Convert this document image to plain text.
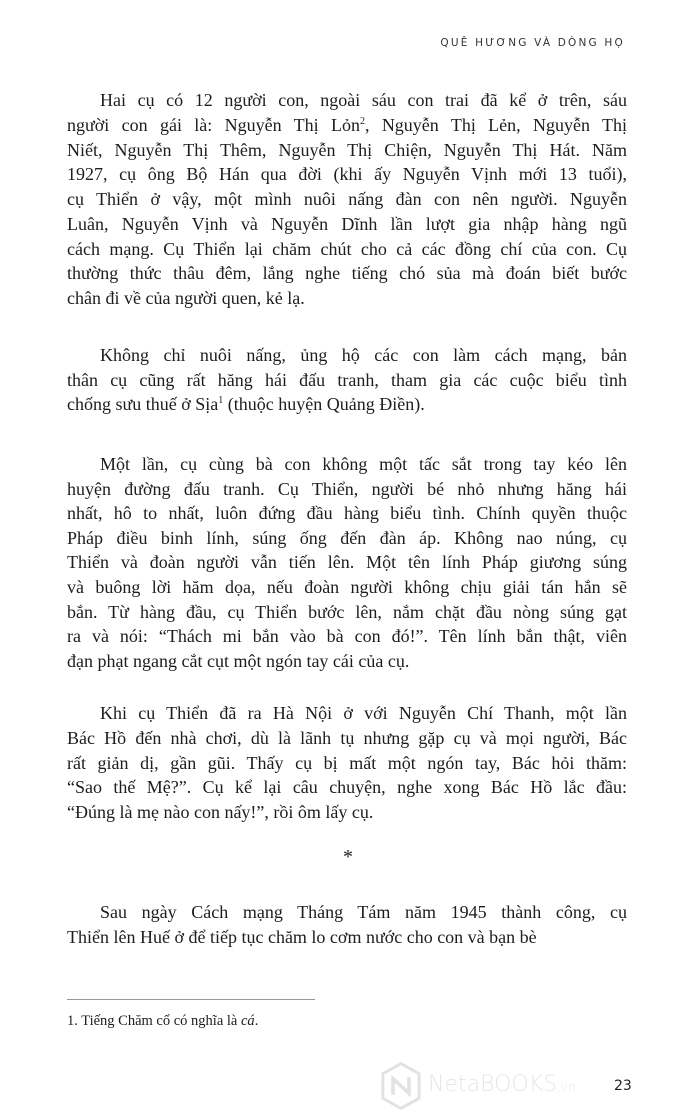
QUÊ HƯƠNG VÀ DÒNG HỌ
Hai cụ có 12 người con, ngoài sáu con trai đã kể ở trên, sáu
người con gái là: Nguyễn Thị Lỏn$^2$, Nguyễn Thị Lẻn, Nguyễn Thị
Niết, Nguyễn Thị Thêm, Nguyễn Thị Chiện, Nguyễn Thị Hát. Năm
1927, cụ ông Bộ Hán qua đời (khi ấy Nguyễn Vịnh mới 13 tuổi),
cụ Thiển ở vậy, một mình nuôi nấng đàn con nên người. Nguyễn
Luân, Nguyễn Vịnh và Nguyễn Dĩnh lần lượt gia nhập hàng ngũ
cách mạng. Cụ Thiển lại chăm chút cho cả các đồng chí của con. Cụ
thường thức thâu đêm, lắng nghe tiếng chó sủa mà đoán biết bước
chân đi về của người quen, kẻ lạ.
Không chỉ nuôi nấng, ủng hộ các con làm cách mạng, bản
thân cụ cũng rất hăng hái đấu tranh, tham gia các cuộc biểu tình
chống sưu thuế ở Sịa$^1$ (thuộc huyện Quảng Điền).
Một lần, cụ cùng bà con không một tấc sắt trong tay kéo lên
huyện đường đấu tranh. Cụ Thiển, người bé nhỏ nhưng hăng hái
nhất, hô to nhất, luôn đứng đầu hàng biểu tình. Chính quyền thuộc
Pháp điều binh lính, súng ống đến đàn áp. Không nao núng, cụ
Thiển và đoàn người vẫn tiến lên. Một tên lính Pháp giương súng
và buông lời hăm dọa, nếu đoàn người không chịu giải tán hắn sẽ
bắn. Từ hàng đầu, cụ Thiển bước lên, nắm chặt đầu nòng súng gạt
ra và nói: “Thách mi bắn vào bà con đó!”. Tên lính bắn thật, viên
đạn phạt ngang cắt cụt một ngón tay cái của cụ.
Khi cụ Thiển đã ra Hà Nội ở với Nguyễn Chí Thanh, một lần
Bác Hồ đến nhà chơi, dù là lãnh tụ nhưng gặp cụ và mọi người, Bác
rất giản dị, gần gũi. Thấy cụ bị mất một ngón tay, Bác hỏi thăm:
“Sao thế Mệ?”. Cụ kể lại câu chuyện, nghe xong Bác Hồ lắc đầu:
“Đúng là mẹ nào con nấy!”, rồi ôm lấy cụ.
Sau ngày Cách mạng Tháng Tám năm 1945 thành công, cụ
Thiển lên Huế ở để tiếp tục chăm lo cơm nước cho con và bạn bè
*
1. Tiếng Chăm cổ có nghĩa là cá.
NetaBOOKS.vn	23
